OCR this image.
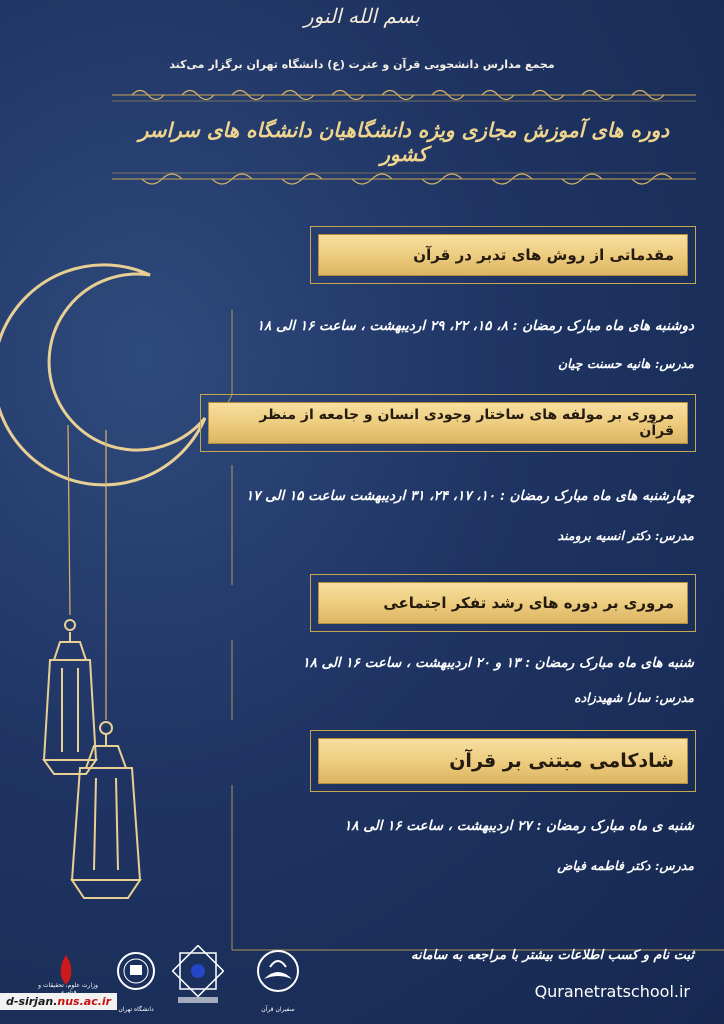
بسم الله النور
مجمع مدارس دانشجویی قرآن و عترت (ع) دانشگاه تهران برگزار می‌کند
دوره های آموزش مجازی ویژه دانشگاهیان دانشگاه های سراسر کشور
مقدماتی از روش های تدبر در قرآن
دوشنبه های ماه مبارک رمضان : ۸، ۱۵، ۲۲، ۲۹ اردیبهشت ، ساعت ۱۶ الی ۱۸
مدرس: هانیه حسنت چیان
مروری بر مولفه های ساختار وجودی انسان و جامعه از منظر قرآن
چهارشنبه های ماه مبارک رمضان : ۱۰، ۱۷، ۲۴، ۳۱ اردیبهشت ساعت ۱۵ الی ۱۷
مدرس: دکتر انسیه برومند
مروری بر دوره های رشد تفکر اجتماعی
شنبه های ماه مبارک رمضان : ۱۳ و ۲۰ اردیبهشت ، ساعت ۱۶ الی ۱۸
مدرس: سارا شهیدزاده
شادکامی مبتنی بر قرآن
شنبه ی ماه مبارک رمضان : ۲۷ اردیبهشت ، ساعت ۱۶ الی ۱۸
مدرس: دکتر فاطمه فیاض
سفیران قرآن
دانشگاه تهران
وزارت علوم، تحقیقات و
ثبت نام و کسب اطلاعات بیشتر با مراجعه به سامانه
Quranetratschool.ir
d-sirjan.nus.ac.ir
